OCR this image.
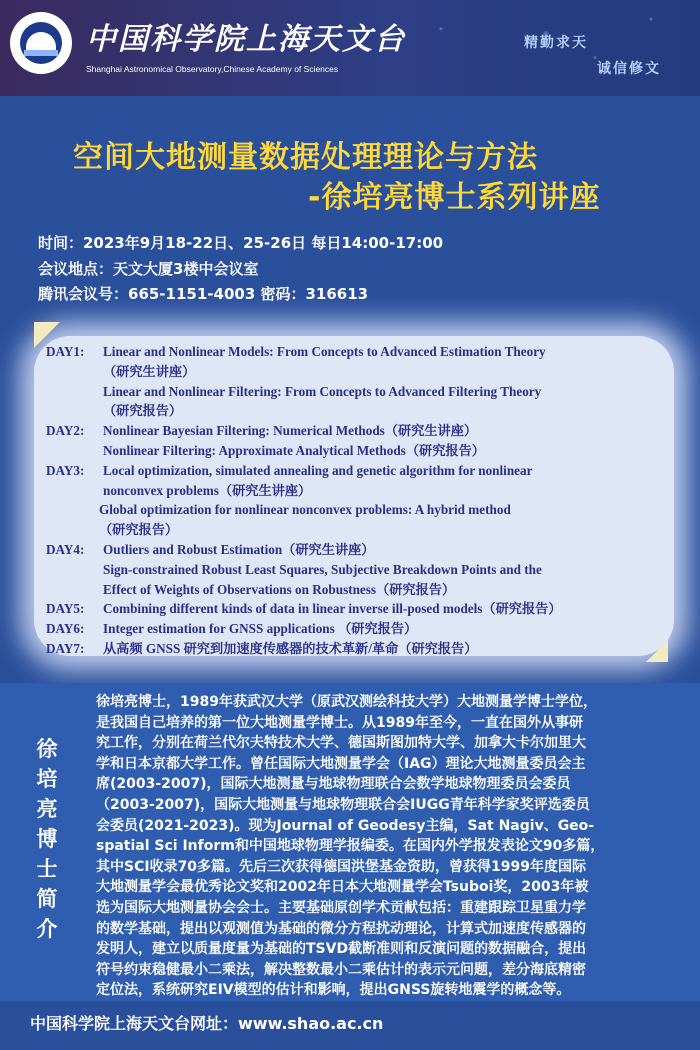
中国科学院上海天文台
Shanghai Astronomical Observatory,Chinese Academy of Sciences
精勤求天
诚信修文
空间大地测量数据处理理论与方法
-徐培亮博士系列讲座
时间：2023年9月18-22日、25-26日 每日14:00-17:00
会议地点：天文大厦3楼中会议室
腾讯会议号：665-1151-4003 密码：316613
DAY1: Linear and Nonlinear Models: From Concepts to Advanced Estimation Theory
（研究生讲座）
Linear and Nonlinear Filtering: From Concepts to Advanced Filtering Theory
（研究报告）
DAY2: Nonlinear Bayesian Filtering: Numerical Methods（研究生讲座）
Nonlinear Filtering: Approximate Analytical Methods（研究报告）
DAY3: Local optimization, simulated annealing and genetic algorithm for nonlinear
nonconvex problems（研究生讲座）
Global optimization for nonlinear nonconvex problems: A hybrid method
（研究报告）
DAY4: Outliers and Robust Estimation（研究生讲座）
Sign-constrained Robust Least Squares, Subjective Breakdown Points and the
Effect of Weights of Observations on Robustness（研究报告）
DAY5: Combining different kinds of data in linear inverse ill-posed models（研究报告）
DAY6: Integer estimation for GNSS applications （研究报告）
DAY7: 从高频 GNSS 研究到加速度传感器的技术革新/革命（研究报告）
徐培亮博士简介
徐培亮博士，1989年获武汉大学（原武汉测绘科技大学）大地测量学博士学位，
是我国自己培养的第一位大地测量学博士。从1989年至今，一直在国外从事研
究工作，分别在荷兰代尔夫特技术大学、德国斯图加特大学、加拿大卡尔加里大
学和日本京都大学工作。曾任国际大地测量学会（IAG）理论大地测量委员会主
席(2003-2007)，国际大地测量与地球物理联合会数学地球物理委员会委员
（2003-2007)，国际大地测量与地球物理联合会IUGG青年科学家奖评选委员
会委员(2021-2023)。现为Journal of Geodesy主编，Sat Nagiv、Geo-
spatial Sci Inform和中国地球物理学报编委。在国内外学报发表论文90多篇，
其中SCI收录70多篇。先后三次获得德国洪堡基金资助，曾获得1999年度国际
大地测量学会最优秀论文奖和2002年日本大地测量学会Tsuboi奖，2003年被
选为国际大地测量协会会士。主要基础原创学术贡献包括：重建跟踪卫星重力学
的数学基础，提出以观测值为基础的微分方程扰动理论，计算式加速度传感器的
发明人，建立以质量度量为基础的TSVD截断准则和反演问题的数据融合，提出
符号约束稳健最小二乘法，解决整数最小二乘估计的表示元问题，差分海底精密
定位法，系统研究EIV模型的估计和影响，提出GNSS旋转地震学的概念等。
中国科学院上海天文台网址：www.shao.ac.cn
